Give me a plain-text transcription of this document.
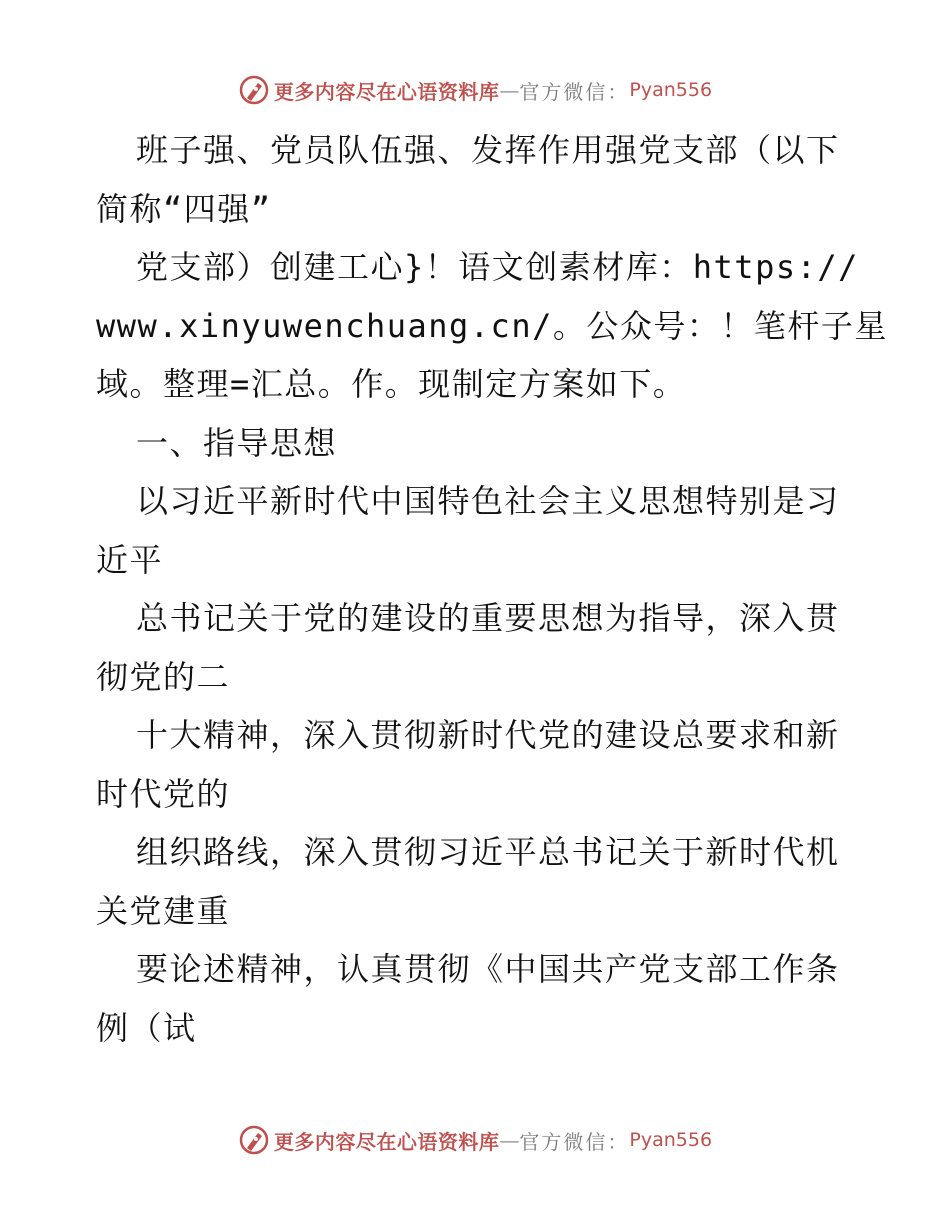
更多内容尽在心语资料库 — 官方微信： Pyan556
班子强、党员队伍强、发挥作用强党支部（以下
简称“四强”
党支部）创建工心}！语文创素材库：https://
www.xinyuwenchuang.cn/。公众号：！笔杆子星
域。整理=汇总。作。现制定方案如下。
一、指导思想
以习近平新时代中国特色社会主义思想特别是习
近平
总书记关于党的建设的重要思想为指导，深入贯
彻党的二
十大精神，深入贯彻新时代党的建设总要求和新
时代党的
组织路线，深入贯彻习近平总书记关于新时代机
关党建重
要论述精神，认真贯彻《中国共产党支部工作条
例（试
更多内容尽在心语资料库 — 官方微信： Pyan556
